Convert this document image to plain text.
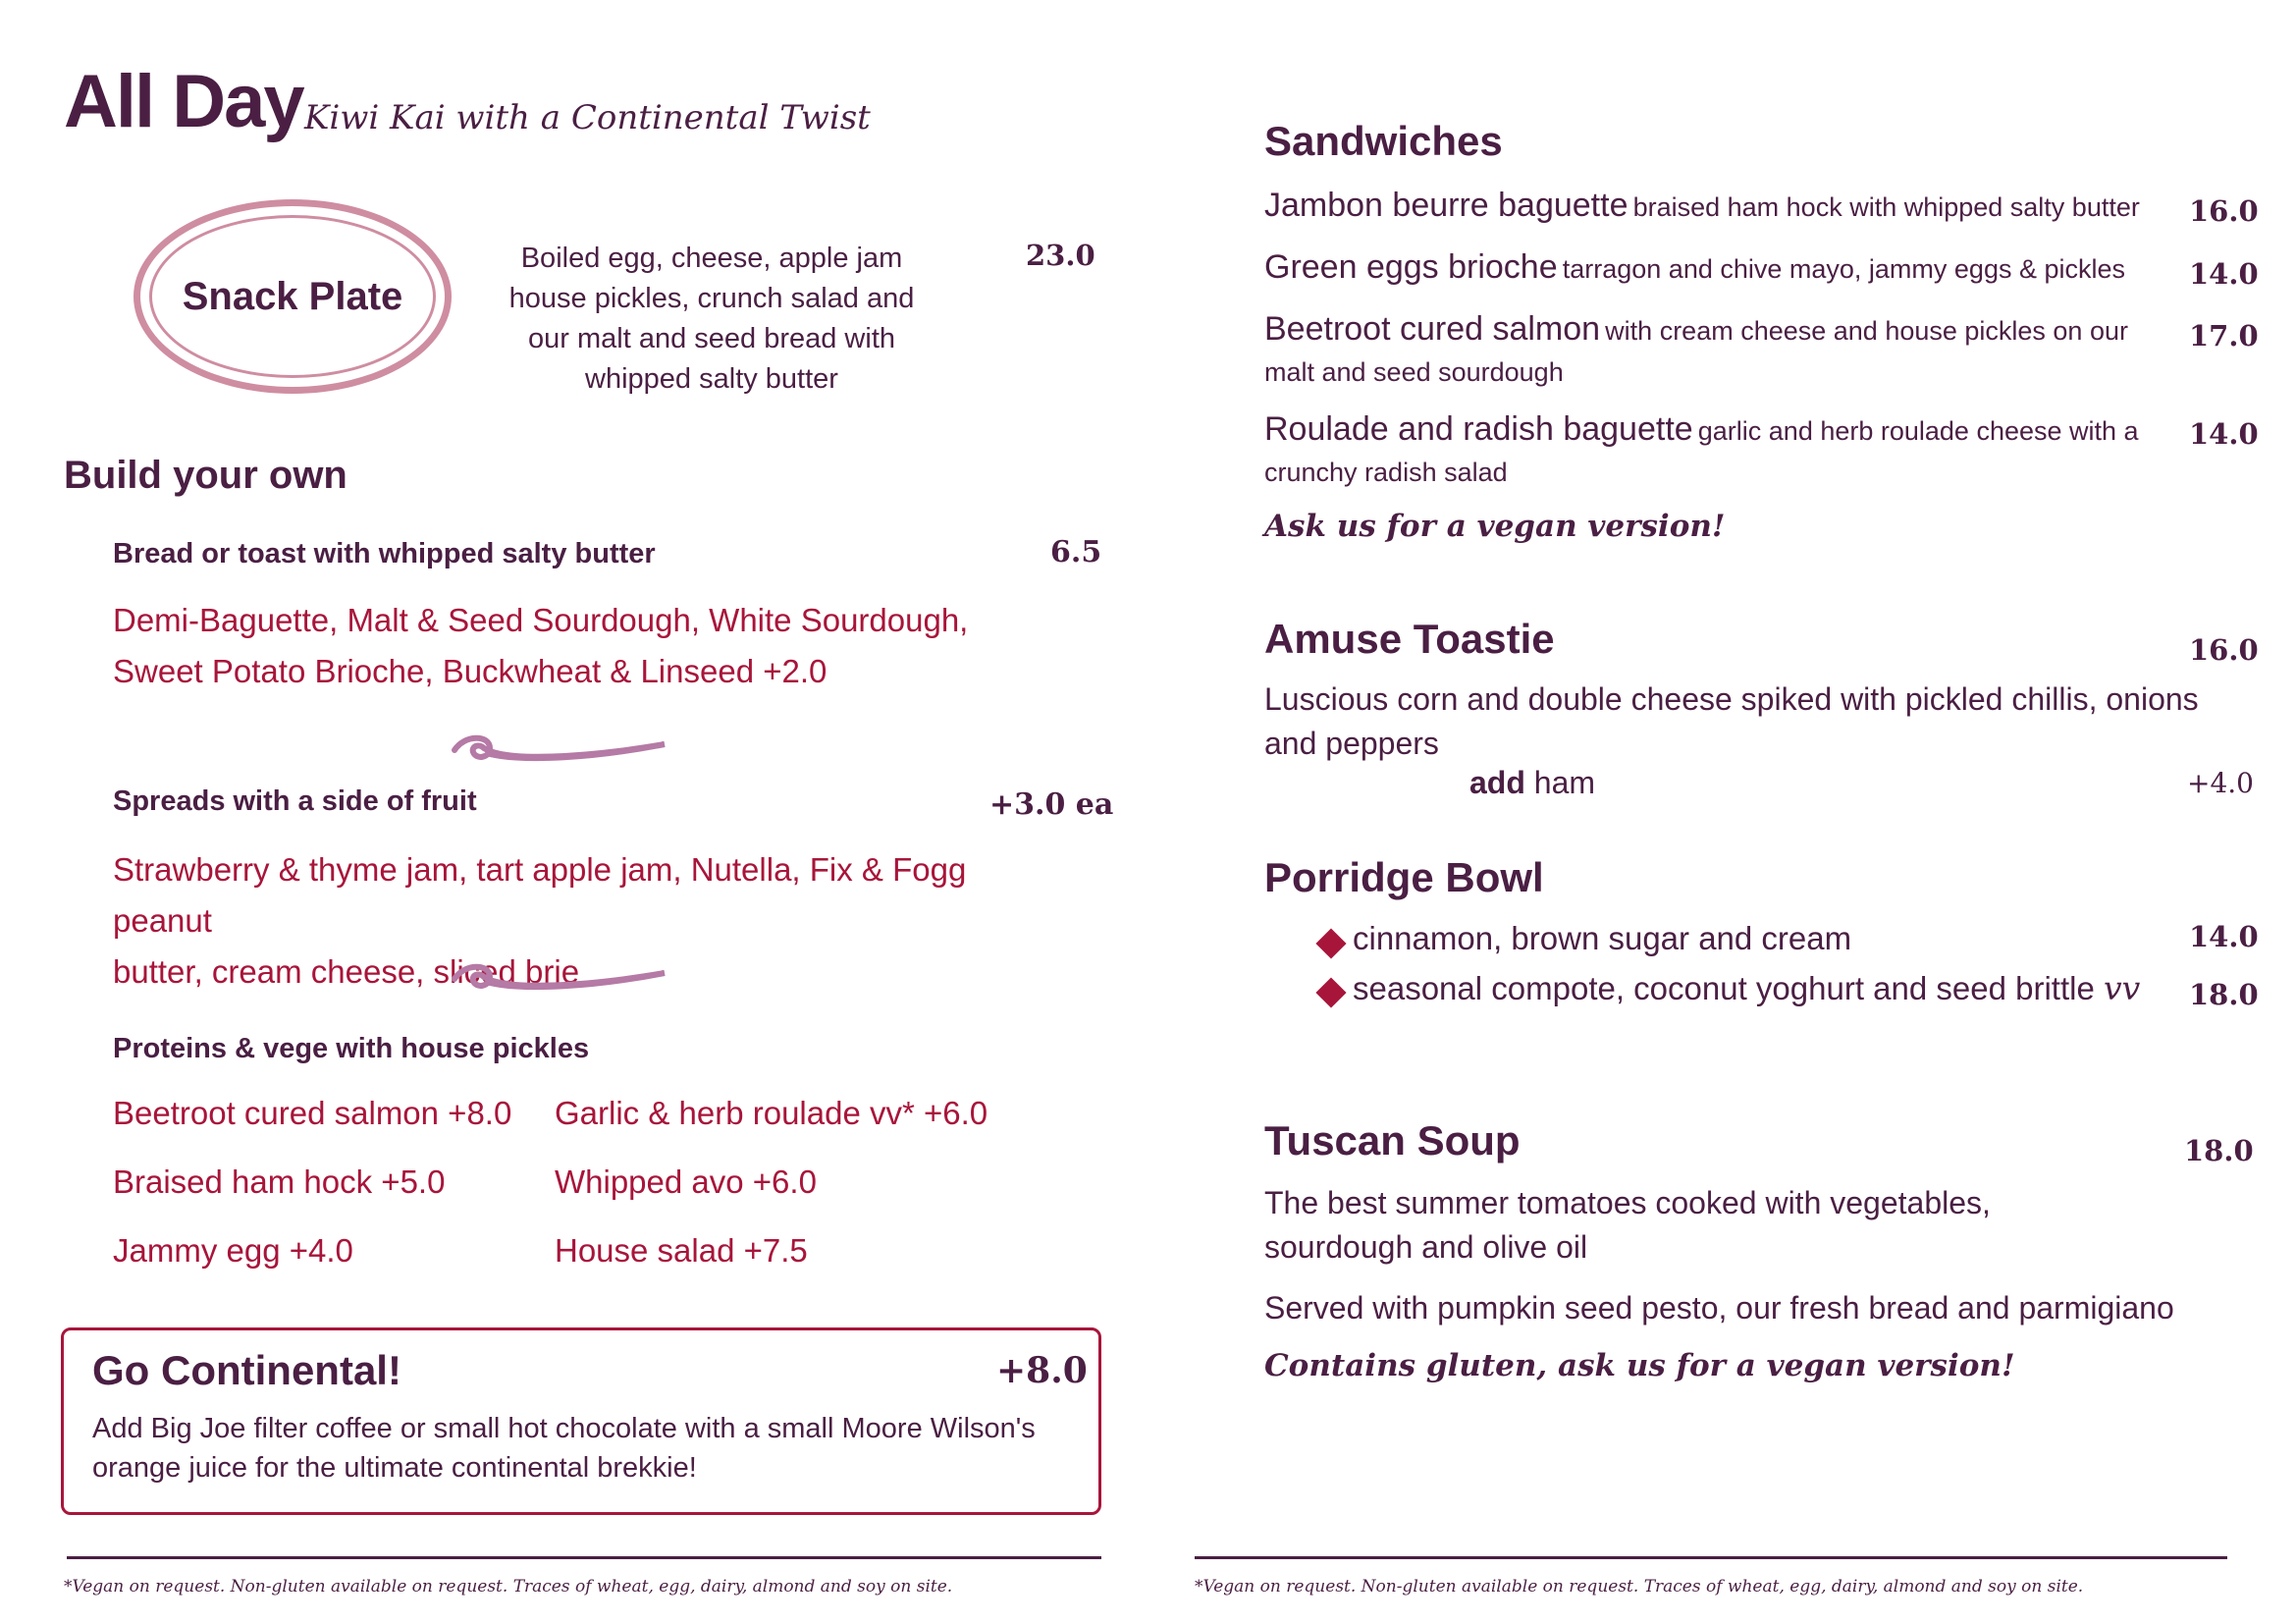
All Day Kiwi Kai with a Continental Twist
Snack Plate
Boiled egg, cheese, apple jam house pickles, crunch salad and our malt and seed bread with whipped salty butter
23.0
Build your own
Bread or toast with whipped salty butter	6.5
Demi-Baguette, Malt & Seed Sourdough, White Sourdough,
Sweet Potato Brioche, Buckwheat & Linseed +2.0
Spreads with a side of fruit	+3.0 ea
Strawberry & thyme jam, tart apple jam, Nutella, Fix & Fogg peanut
butter, cream cheese, sliced brie
Proteins & vege with house pickles
Beetroot cured salmon +8.0 Garlic & herb roulade vv* +6.0
Braised ham hock +5.0	Whipped avo +6.0
Jammy egg +4.0	House salad +7.5
Go Continental!	+8.0
Add Big Joe filter coffee or small hot chocolate with a small Moore Wilson's orange juice for the ultimate continental brekkie!
*Vegan on request. Non-gluten available on request. Traces of wheat, egg, dairy, almond and soy on site.
Sandwiches
Jambon beurre baguette braised ham hock with whipped salty butter	16.0
Green eggs brioche tarragon and chive mayo, jammy eggs & pickles	14.0
Beetroot cured salmon with cream cheese and house pickles on our malt and seed sourdough
17.0
Roulade and radish baguette garlic and herb roulade cheese with a crunchy radish salad
14.0
Ask us for a vegan version!
Amuse Toastie	16.0
Luscious corn and double cheese spiked with pickled chillis, onions and peppers
add ham	+4.0
Porridge Bowl
cinnamon, brown sugar and cream	14.0
seasonal compote, coconut yoghurt and seed brittle vv 18.0
Tuscan Soup	18.0
The best summer tomatoes cooked with vegetables, sourdough and olive oil
Served with pumpkin seed pesto, our fresh bread and parmigiano
Contains gluten, ask us for a vegan version!
*Vegan on request. Non-gluten available on request. Traces of wheat, egg, dairy, almond and soy on site.
